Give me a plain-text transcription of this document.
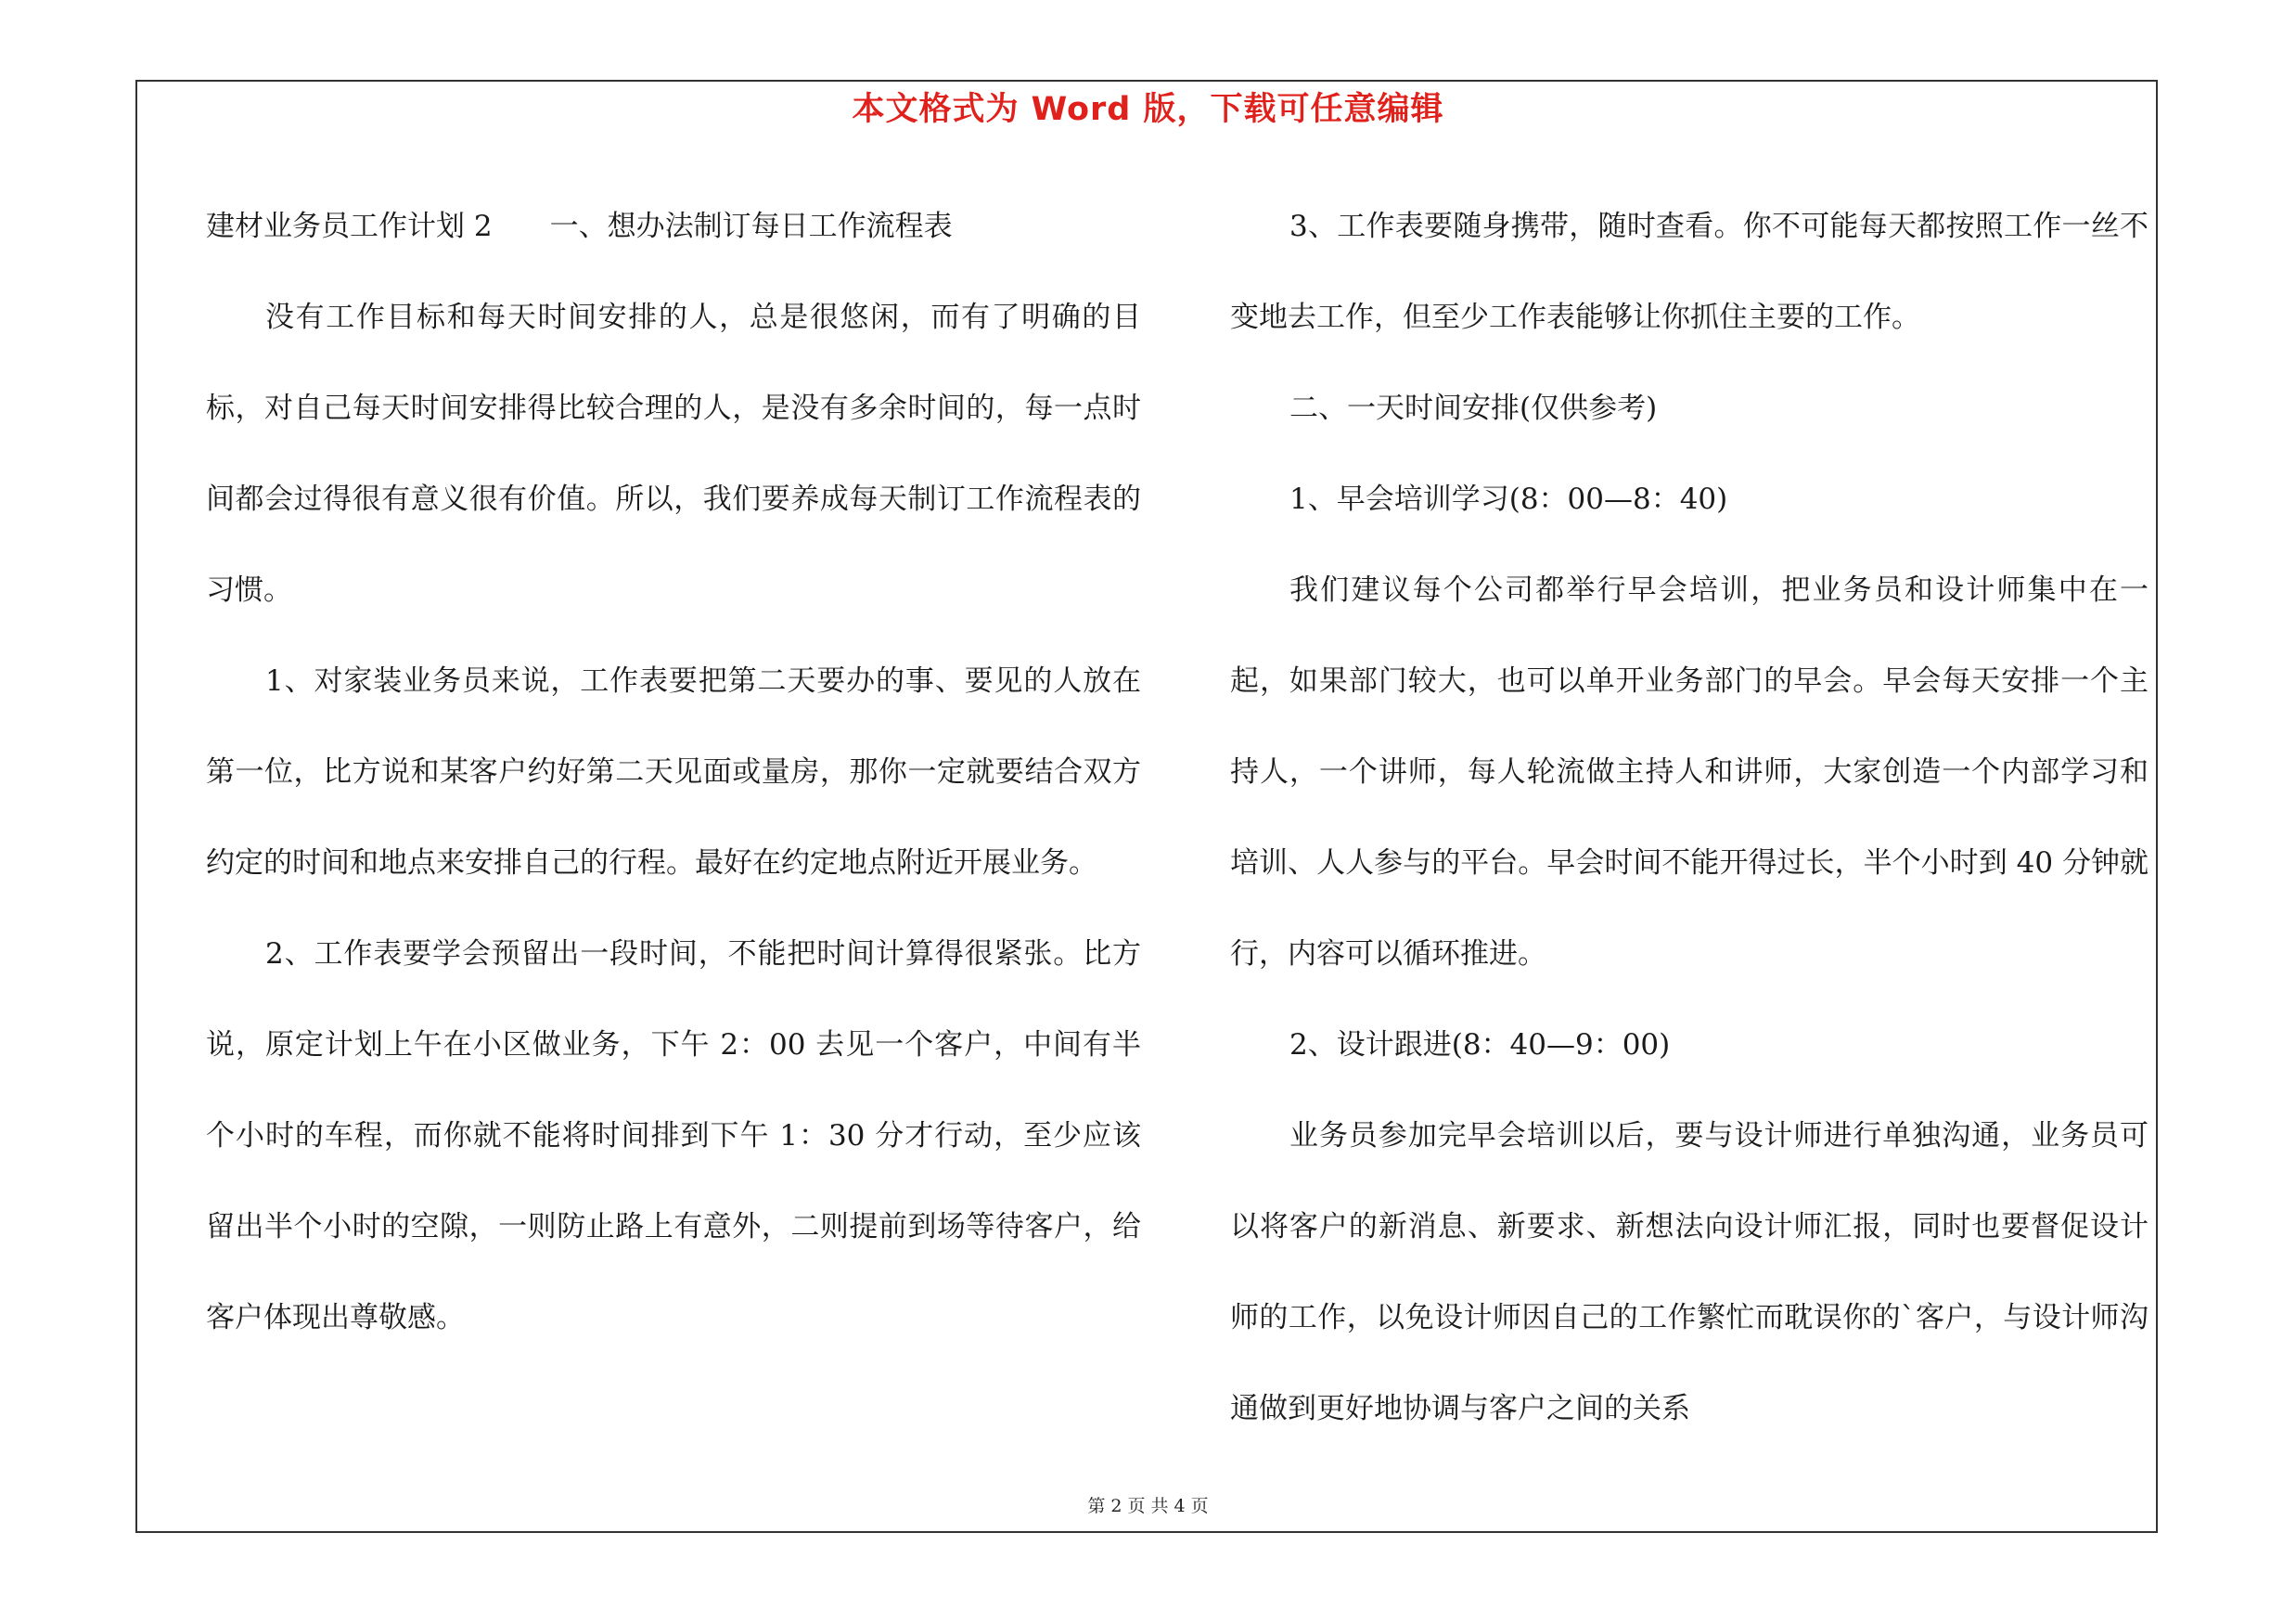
本文格式为 Word 版，下载可任意编辑

建材业务员工作计划 2　　一、想办法制订每日工作流程表

没有工作目标和每天时间安排的人，总是很悠闲，而有了明确的目标，对自己每天时间安排得比较合理的人，是没有多余时间的，每一点时间都会过得很有意义很有价值。所以，我们要养成每天制订工作流程表的习惯。

1、对家装业务员来说，工作表要把第二天要办的事、要见的人放在第一位，比方说和某客户约好第二天见面或量房，那你一定就要结合双方约定的时间和地点来安排自己的行程。最好在约定地点附近开展业务。

2、工作表要学会预留出一段时间，不能把时间计算得很紧张。比方说，原定计划上午在小区做业务，下午 2：00 去见一个客户，中间有半个小时的车程，而你就不能将时间排到下午 1：30 分才行动，至少应该留出半个小时的空隙，一则防止路上有意外，二则提前到场等待客户，给客户体现出尊敬感。

3、工作表要随身携带，随时查看。你不可能每天都按照工作一丝不变地去工作，但至少工作表能够让你抓住主要的工作。

二、一天时间安排(仅供参考)

1、早会培训学习(8：00—8：40)

我们建议每个公司都举行早会培训，把业务员和设计师集中在一起，如果部门较大，也可以单开业务部门的早会。早会每天安排一个主持人，一个讲师，每人轮流做主持人和讲师，大家创造一个内部学习和培训、人人参与的平台。早会时间不能开得过长，半个小时到 40 分钟就行，内容可以循环推进。

2、设计跟进(8：40—9：00)

业务员参加完早会培训以后，要与设计师进行单独沟通，业务员可以将客户的新消息、新要求、新想法向设计师汇报，同时也要督促设计师的工作，以免设计师因自己的工作繁忙而耽误你的`客户，与设计师沟通做到更好地协调与客户之间的关系

第 2 页 共 4 页
